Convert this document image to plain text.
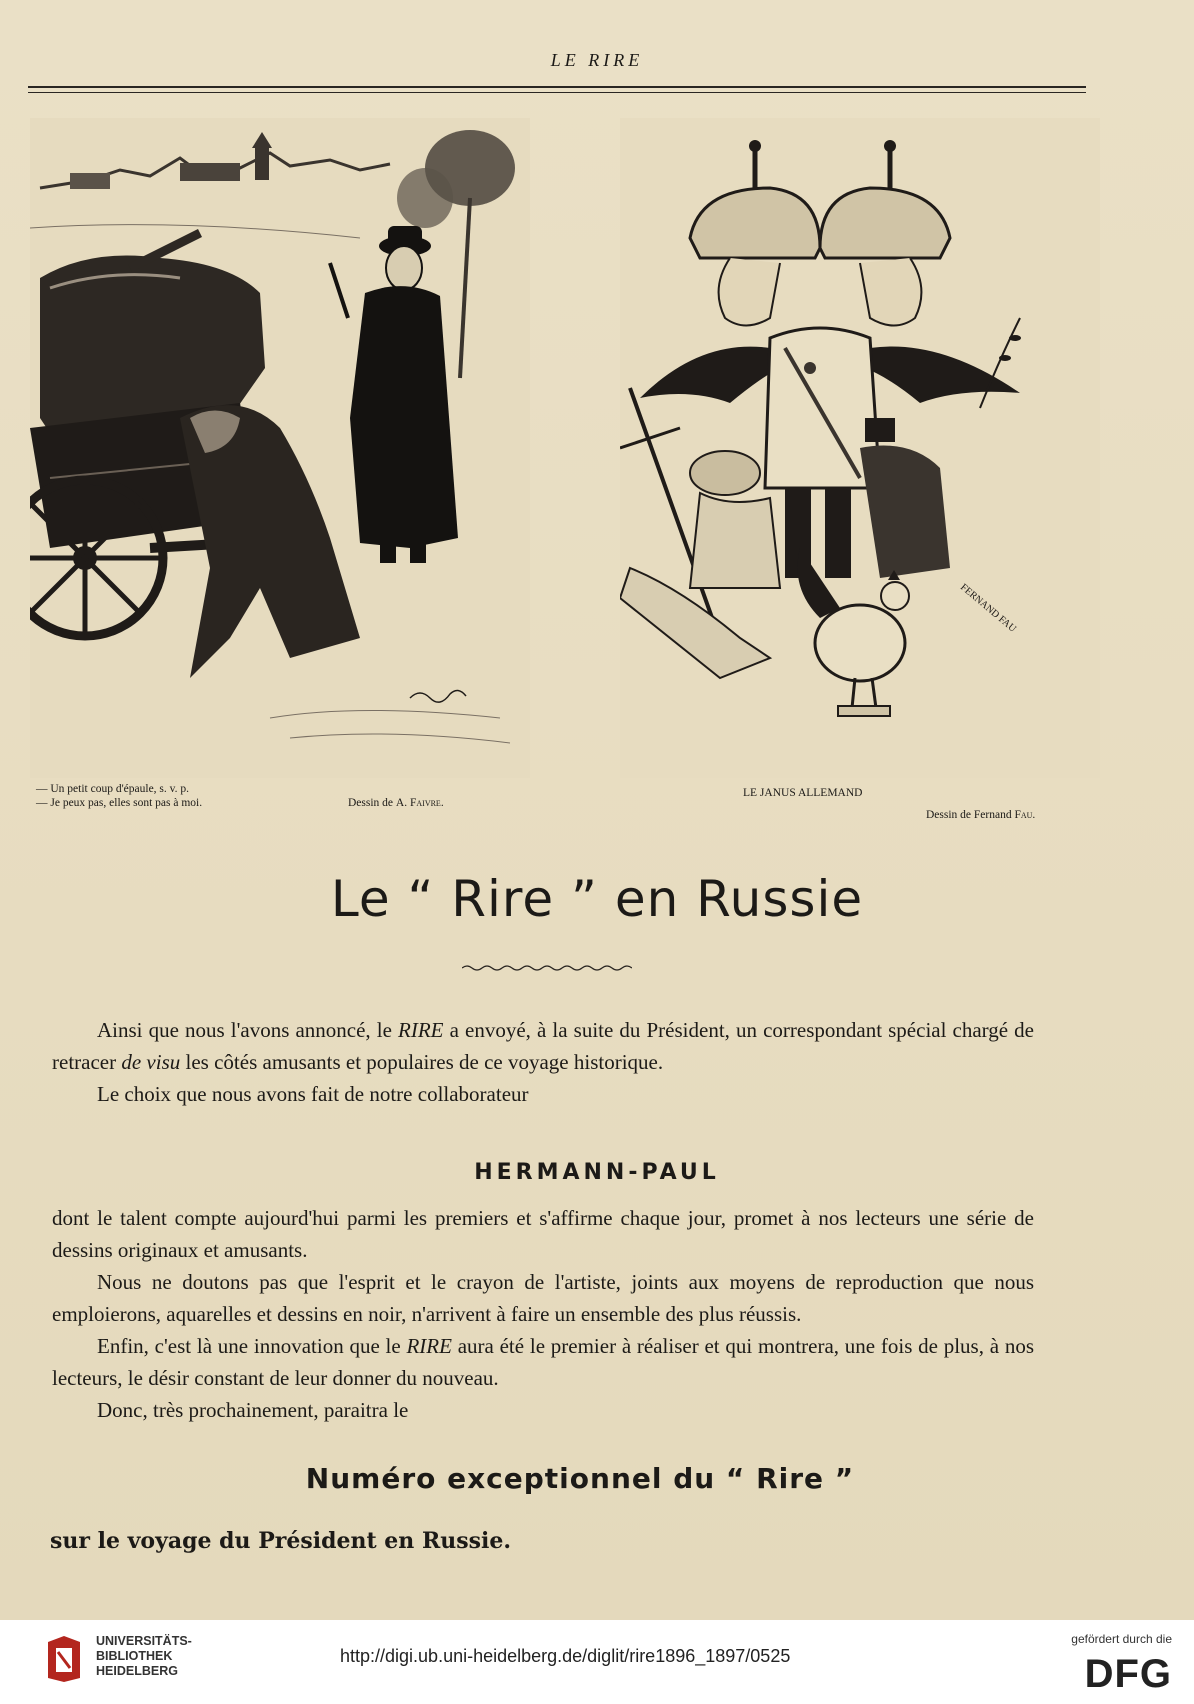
LE RIRE
FERNAND FAU
— Un petit coup d'épaule, s. v. p.
— Je peux pas, elles sont pas à moi.	Dessin de A. Faivre.
LE JANUS ALLEMAND
Dessin de Fernand Fau.
Le “ Rire ” en Russie

Ainsi que nous l'avons annoncé, le RIRE a envoyé, à la suite du Président, un correspondant spécial chargé de retracer de visu les côtés amusants et populaires de ce voyage historique.

Le choix que nous avons fait de notre collaborateur

HERMANN-PAUL

dont le talent compte aujourd'hui parmi les premiers et s'affirme chaque jour, promet à nos lecteurs une série de dessins originaux et amusants.

Nous ne doutons pas que l'esprit et le crayon de l'artiste, joints aux moyens de reproduction que nous emploierons, aquarelles et dessins en noir, n'arrivent à faire un ensemble des plus réussis.

Enfin, c'est là une innovation que le RIRE aura été le premier à réaliser et qui montrera, une fois de plus, à nos lecteurs, le désir constant de leur donner du nouveau.

Donc, très prochainement, paraitra le

Numéro exceptionnel du “ Rire ”
sur le voyage du Président en Russie.
UNIVERSITÄTS-
BIBLIOTHEK
HEIDELBERG
http://digi.ub.uni-heidelberg.de/diglit/rire1896_1897/0525
gefördert durch die
DFG
